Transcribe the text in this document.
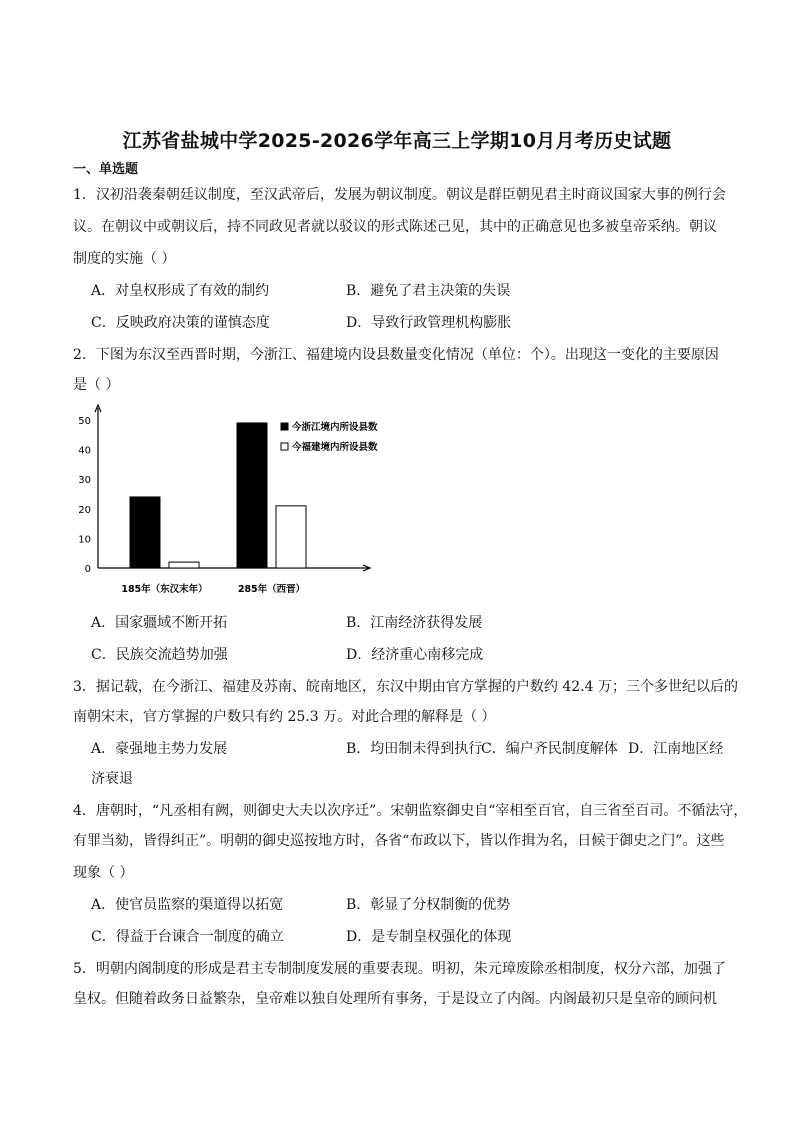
江苏省盐城中学2025-2026学年高三上学期10月月考历史试题
一、单选题
1．汉初沿袭秦朝廷议制度，至汉武帝后，发展为朝议制度。朝议是群臣朝见君主时商议国家大事的例行会
议。在朝议中或朝议后，持不同政见者就以驳议的形式陈述己见，其中的正确意见也多被皇帝采纳。朝议
制度的实施（ ）
A．对皇权形成了有效的制约	B．避免了君主决策的失误
C．反映政府决策的谨慎态度	D．导致行政管理机构膨胀
2．下图为东汉至西晋时期，今浙江、福建境内设县数量变化情况（单位：个）。出现这一变化的主要原因
是（ ）
0
10
20
30
40
50
185年（东汉末年）	285年（西晋）
今浙江境内所设县数
今福建境内所设县数
A．国家疆域不断开拓	B．江南经济获得发展
C．民族交流趋势加强	D．经济重心南移完成
3．据记载，在今浙江、福建及苏南、皖南地区，东汉中期由官方掌握的户数约 42.4 万；三个多世纪以后的
南朝宋末，官方掌握的户数只有约 25.3 万。对此合理的解释是（ ）
A．豪强地主势力发展	B．均田制未得到执行
C．编户齐民制度解体 D．江南地区经
济衰退
4．唐朝时，“凡丞相有阙，则御史大夫以次序迁”。宋朝监察御史自“宰相至百官，自三省至百司。不循法守，
有罪当劾，皆得纠正”。明朝的御史巡按地方时，各省“布政以下，皆以作揖为名，日候于御史之门”。这些
现象（ ）
A．使官员监察的渠道得以拓宽	B．彰显了分权制衡的优势
C．得益于台谏合一制度的确立	D．是专制皇权强化的体现
5．明朝内阁制度的形成是君主专制制度发展的重要表现。明初，朱元璋废除丞相制度，权分六部，加强了
皇权。但随着政务日益繁杂，皇帝难以独自处理所有事务，于是设立了内阁。内阁最初只是皇帝的顾问机
